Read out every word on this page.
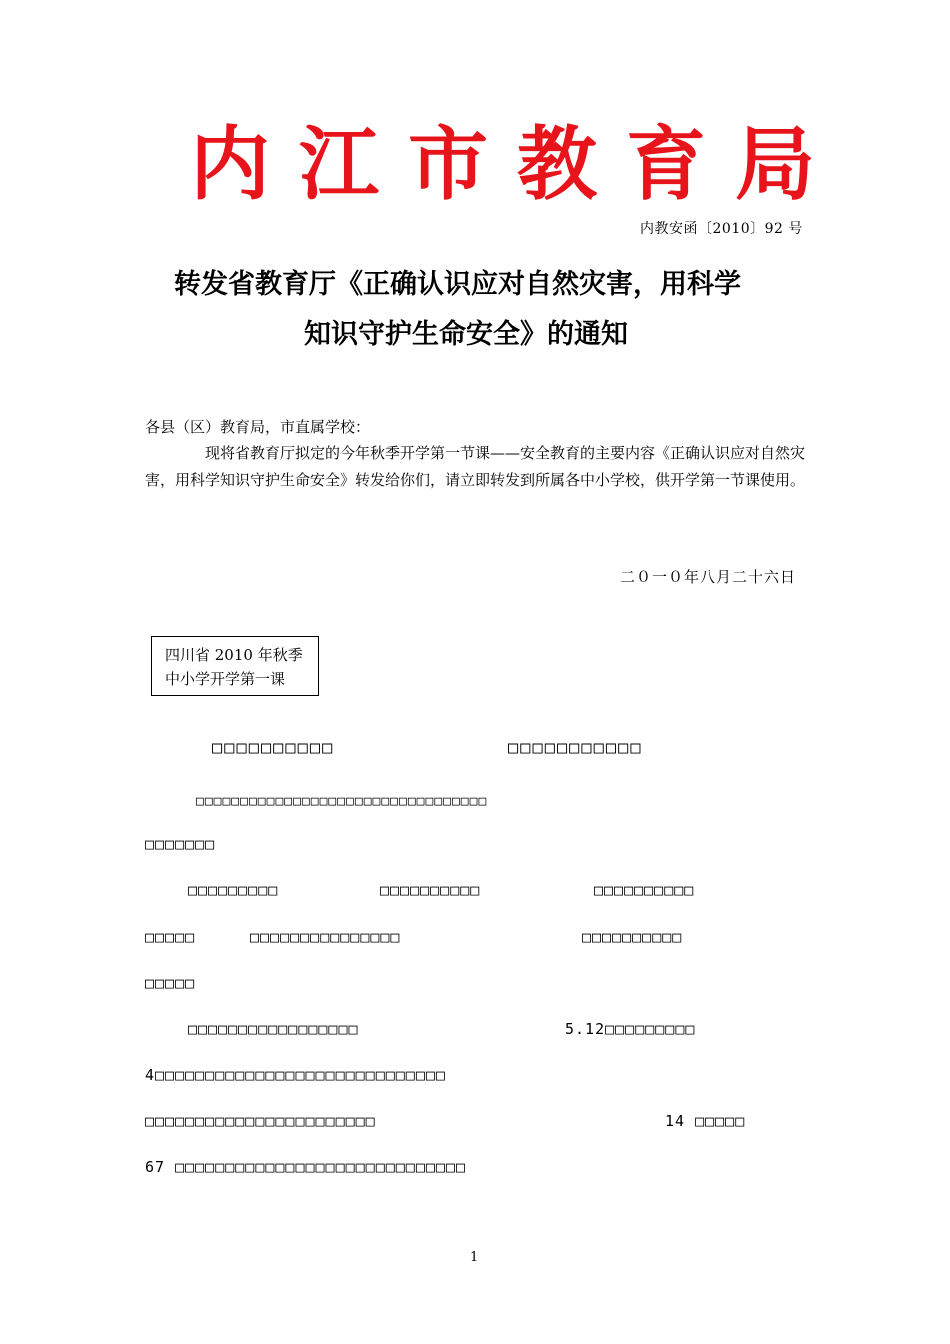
内 江 市 教 育 局
内教安函〔2010〕92 号
转发省教育厅《正确认识应对自然灾害，用科学
知识守护生命安全》的通知
各县（区）教育局，市直属学校：
现将省教育厅拟定的今年秋季开学第一节课——安全教育的主要内容《正确认识应对自然灾害，用科学知识守护生命安全》转发给你们，请立即转发到所属各中小学校，供开学第一节课使用。
二０一０年八月二十六日
四川省 2010 年秋季
中小学开学第一课
□□□□□□□□□□	□□□□□□□□□□□
□□□□□□□□□□□□□□□□□□□□□□□□□□□□□□□□□
□□□□□□□
□□□□□□□□□	□□□□□□□□□□	□□□□□□□□□□
□□□□□	□□□□□□□□□□□□□□□	□□□□□□□□□□
□□□□□
□□□□□□□□□□□□□□□□□	5.12□□□□□□□□□
4□□□□□□□□□□□□□□□□□□□□□□□□□□□□□
□□□□□□□□□□□□□□□□□□□□□□□	14 □□□□□
67 □□□□□□□□□□□□□□□□□□□□□□□□□□□□□
1
